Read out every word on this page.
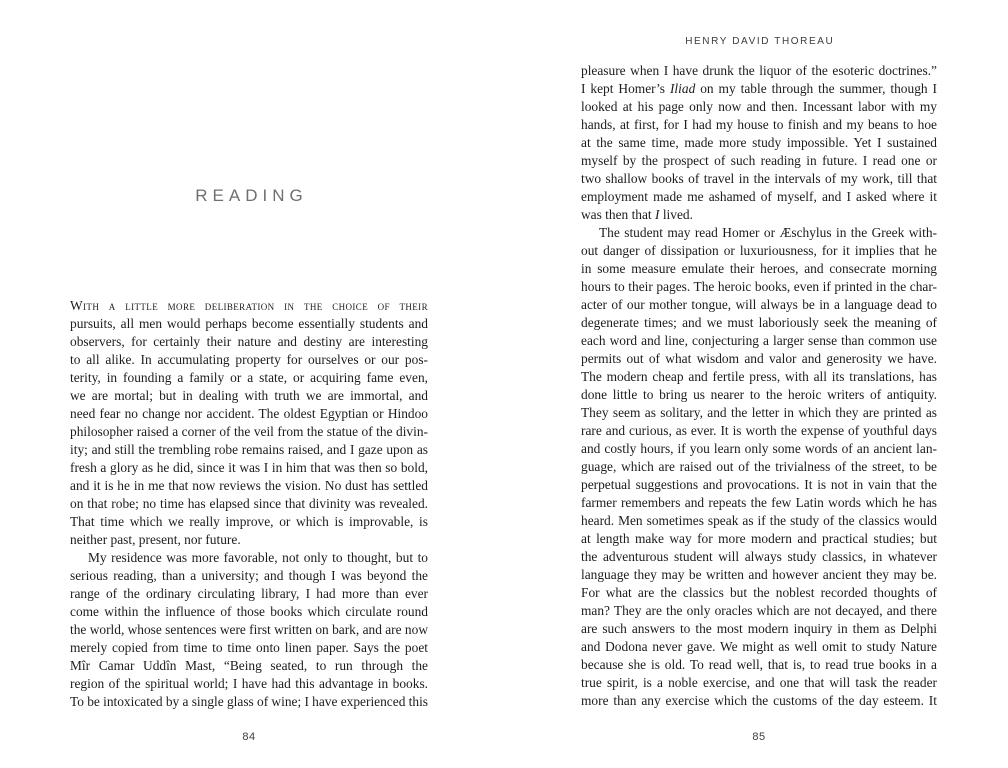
READING
With a little more deliberation in the choice of their
pursuits, all men would perhaps become essentially students and
observers, for certainly their nature and destiny are interesting
to all alike. In accumulating property for ourselves or our pos-
terity, in founding a family or a state, or acquiring fame even,
we are mortal; but in dealing with truth we are immortal, and
need fear no change nor accident. The oldest Egyptian or Hindoo
philosopher raised a corner of the veil from the statue of the divin-
ity; and still the trembling robe remains raised, and I gaze upon as
fresh a glory as he did, since it was I in him that was then so bold,
and it is he in me that now reviews the vision. No dust has settled
on that robe; no time has elapsed since that divinity was revealed.
That time which we really improve, or which is improvable, is
neither past, present, nor future.
My residence was more favorable, not only to thought, but to
serious reading, than a university; and though I was beyond the
range of the ordinary circulating library, I had more than ever
come within the influence of those books which circulate round
the world, whose sentences were first written on bark, and are now
merely copied from time to time onto linen paper. Says the poet
Mîr Camar Uddîn Mast, “Being seated, to run through the
region of the spiritual world; I have had this advantage in books.
To be intoxicated by a single glass of wine; I have experienced this
84
HENRY DAVID THOREAU
pleasure when I have drunk the liquor of the esoteric doctrines.”
I kept Homer’s Iliad on my table through the summer, though I
looked at his page only now and then. Incessant labor with my
hands, at first, for I had my house to finish and my beans to hoe
at the same time, made more study impossible. Yet I sustained
myself by the prospect of such reading in future. I read one or
two shallow books of travel in the intervals of my work, till that
employment made me ashamed of myself, and I asked where it
was then that I lived.
The student may read Homer or Æschylus in the Greek with-
out danger of dissipation or luxuriousness, for it implies that he
in some measure emulate their heroes, and consecrate morning
hours to their pages. The heroic books, even if printed in the char-
acter of our mother tongue, will always be in a language dead to
degenerate times; and we must laboriously seek the meaning of
each word and line, conjecturing a larger sense than common use
permits out of what wisdom and valor and generosity we have.
The modern cheap and fertile press, with all its translations, has
done little to bring us nearer to the heroic writers of antiquity.
They seem as solitary, and the letter in which they are printed as
rare and curious, as ever. It is worth the expense of youthful days
and costly hours, if you learn only some words of an ancient lan-
guage, which are raised out of the trivialness of the street, to be
perpetual suggestions and provocations. It is not in vain that the
farmer remembers and repeats the few Latin words which he has
heard. Men sometimes speak as if the study of the classics would
at length make way for more modern and practical studies; but
the adventurous student will always study classics, in whatever
language they may be written and however ancient they may be.
For what are the classics but the noblest recorded thoughts of
man? They are the only oracles which are not decayed, and there
are such answers to the most modern inquiry in them as Delphi
and Dodona never gave. We might as well omit to study Nature
because she is old. To read well, that is, to read true books in a
true spirit, is a noble exercise, and one that will task the reader
more than any exercise which the customs of the day esteem. It
85
